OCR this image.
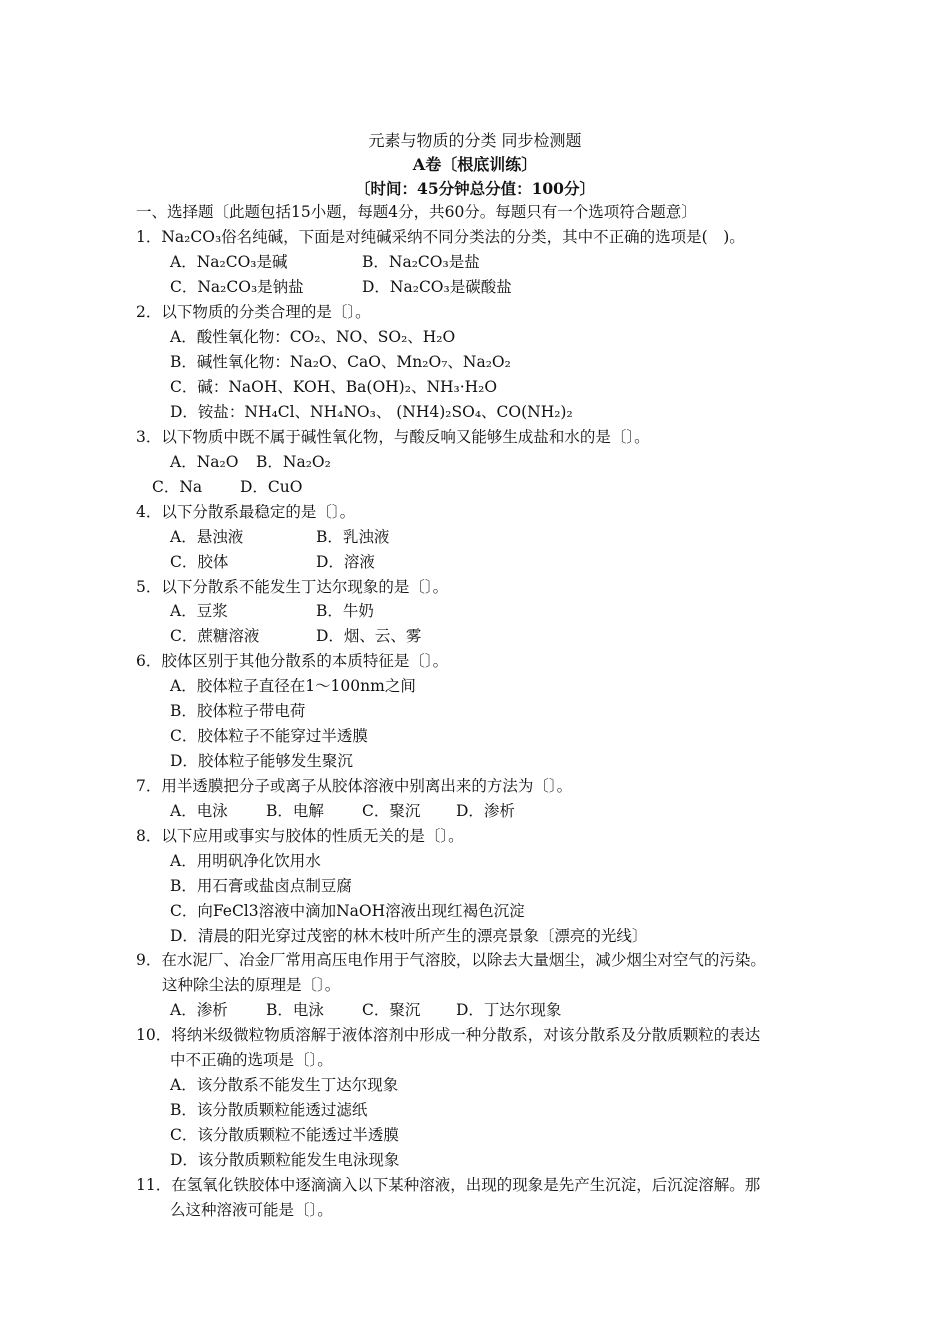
元素与物质的分类 同步检测题
A卷〔根底训练〕
〔时间：45分钟总分值：100分〕
一、选择题〔此题包括15小题，每题4分，共60分。每题只有一个选项符合题意〕
1．Na₂CO₃俗名纯碱，下面是对纯碱采纳不同分类法的分类，其中不正确的选项是(　)。
A．Na₂CO₃是碱	B．Na₂CO₃是盐
C．Na₂CO₃是钠盐	D．Na₂CO₃是碳酸盐
2．以下物质的分类合理的是〔〕。
A．酸性氧化物：CO₂、NO、SO₂、H₂O
B．碱性氧化物：Na₂O、CaO、Mn₂O₇、Na₂O₂
C．碱：NaOH、KOH、Ba(OH)₂、NH₃·H₂O
D．铵盐：NH₄Cl、NH₄NO₃、 (NH4)₂SO₄、CO(NH₂)₂
3．以下物质中既不属于碱性氧化物，与酸反响又能够生成盐和水的是〔〕。
A．Na₂O B．Na₂O₂
C．Na D．CuO
4．以下分散系最稳定的是〔〕。
A．悬浊液	B．乳浊液
C．胶体	D．溶液
5．以下分散系不能发生丁达尔现象的是〔〕。
A．豆浆	B．牛奶
C．蔗糖溶液	D．烟、云、雾
6．胶体区别于其他分散系的本质特征是〔〕。
A．胶体粒子直径在1～100nm之间
B．胶体粒子带电荷
C．胶体粒子不能穿过半透膜
D．胶体粒子能够发生聚沉
7．用半透膜把分子或离子从胶体溶液中别离出来的方法为〔〕。
A．电泳 B．电解 C．聚沉 D．渗析
8．以下应用或事实与胶体的性质无关的是〔〕。
A．用明矾净化饮用水
B．用石膏或盐卤点制豆腐
C．向FeCl3溶液中滴加NaOH溶液出现红褐色沉淀
D．清晨的阳光穿过茂密的林木枝叶所产生的漂亮景象〔漂亮的光线〕
9．在水泥厂、冶金厂常用高压电作用于气溶胶，以除去大量烟尘，减少烟尘对空气的污染。
这种除尘法的原理是〔〕。
A．渗析 B．电泳 C．聚沉 D．丁达尔现象
10．将纳米级微粒物质溶解于液体溶剂中形成一种分散系，对该分散系及分散质颗粒的表达
中不正确的选项是〔〕。
A．该分散系不能发生丁达尔现象
B．该分散质颗粒能透过滤纸
C．该分散质颗粒不能透过半透膜
D．该分散质颗粒能发生电泳现象
11．在氢氧化铁胶体中逐滴滴入以下某种溶液，出现的现象是先产生沉淀，后沉淀溶解。那
么这种溶液可能是〔〕。
